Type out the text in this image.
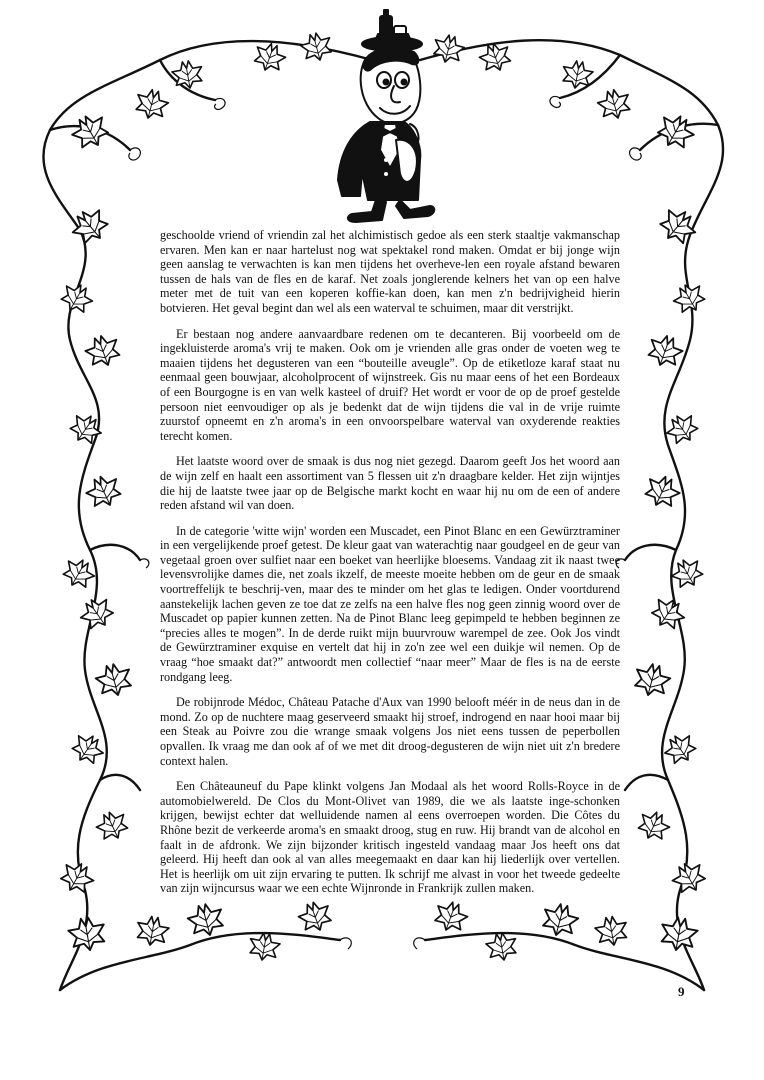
geschoolde vriend of vriendin zal het alchimistisch gedoe als een sterk staaltje vakmanschap ervaren. Men kan er naar hartelust nog wat spektakel rond maken. Omdat er bij jonge wijn geen aanslag te verwachten is kan men tijdens het overheve-len een royale afstand bewaren tussen de hals van de fles en de karaf. Net zoals jonglerende kelners het van op een halve meter met de tuit van een koperen koffie-kan doen, kan men z'n bedrijvigheid hierin botvieren. Het geval begint dan wel als een waterval te schuimen, maar dit verstrijkt.

Er bestaan nog andere aanvaardbare redenen om te decanteren. Bij voorbeeld om de ingekluisterde aroma's vrij te maken. Ook om je vrienden alle gras onder de voeten weg te maaien tijdens het degusteren van een “bouteille aveugle”. Op de etiketloze karaf staat nu eenmaal geen bouwjaar, alcoholprocent of wijnstreek. Gis nu maar eens of het een Bordeaux of een Bourgogne is en van welk kasteel of druif? Het wordt er voor de op de proef gestelde persoon niet eenvoudiger op als je bedenkt dat de wijn tijdens die val in de vrije ruimte zuurstof opneemt en z'n aroma's in een onvoorspelbare waterval van oxyderende reakties terecht komen.

Het laatste woord over de smaak is dus nog niet gezegd. Daarom geeft Jos het woord aan de wijn zelf en haalt een assortiment van 5 flessen uit z'n draagbare kelder. Het zijn wijntjes die hij de laatste twee jaar op de Belgische markt kocht en waar hij nu om de een of andere reden afstand wil van doen.

In de categorie 'witte wijn' worden een Muscadet, een Pinot Blanc en een Gewürztraminer in een vergelijkende proef getest. De kleur gaat van waterachtig naar goudgeel en de geur van vegetaal groen over sulfiet naar een boeket van heerlijke bloesems. Vandaag zit ik naast twee levensvrolijke dames die, net zoals ikzelf, de meeste moeite hebben om de geur en de smaak voortreffelijk te beschrij-ven, maar des te minder om het glas te ledigen. Onder voortdurend aanstekelijk lachen geven ze toe dat ze zelfs na een halve fles nog geen zinnig woord over de Muscadet op papier kunnen zetten. Na de Pinot Blanc leeg gepimpeld te hebben beginnen ze “precies alles te mogen”. In de derde ruikt mijn buurvrouw warempel de zee. Ook Jos vindt de Gewürztraminer exquise en vertelt dat hij in zo'n zee wel een duikje wil nemen. Op de vraag “hoe smaakt dat?” antwoordt men collectief “naar meer” Maar de fles is na de eerste rondgang leeg.

De robijnrode Médoc, Château Patache d'Aux van 1990 belooft méér in de neus dan in de mond. Zo op de nuchtere maag geserveerd smaakt hij stroef, indrogend en naar hooi maar bij een Steak au Poivre zou die wrange smaak volgens Jos niet eens tussen de peperbollen opvallen. Ik vraag me dan ook af of we met dit droog-degusteren de wijn niet uit z'n bredere context halen.

Een Châteauneuf du Pape klinkt volgens Jan Modaal als het woord Rolls-Royce in de automobielwereld. De Clos du Mont-Olivet van 1989, die we als laatste inge-schonken krijgen, bewijst echter dat welluidende namen al eens overroepen worden. Die Côtes du Rhône bezit de verkeerde aroma's en smaakt droog, stug en ruw. Hij brandt van de alcohol en faalt in de afdronk. We zijn bijzonder kritisch ingesteld vandaag maar Jos heeft ons dat geleerd. Hij heeft dan ook al van alles meegemaakt en daar kan hij liederlijk over vertellen. Het is heerlijk om uit zijn ervaring te putten. Ik schrijf me alvast in voor het tweede gedeelte van zijn wijncursus waar we een echte Wijnronde in Frankrijk zullen maken.

9
